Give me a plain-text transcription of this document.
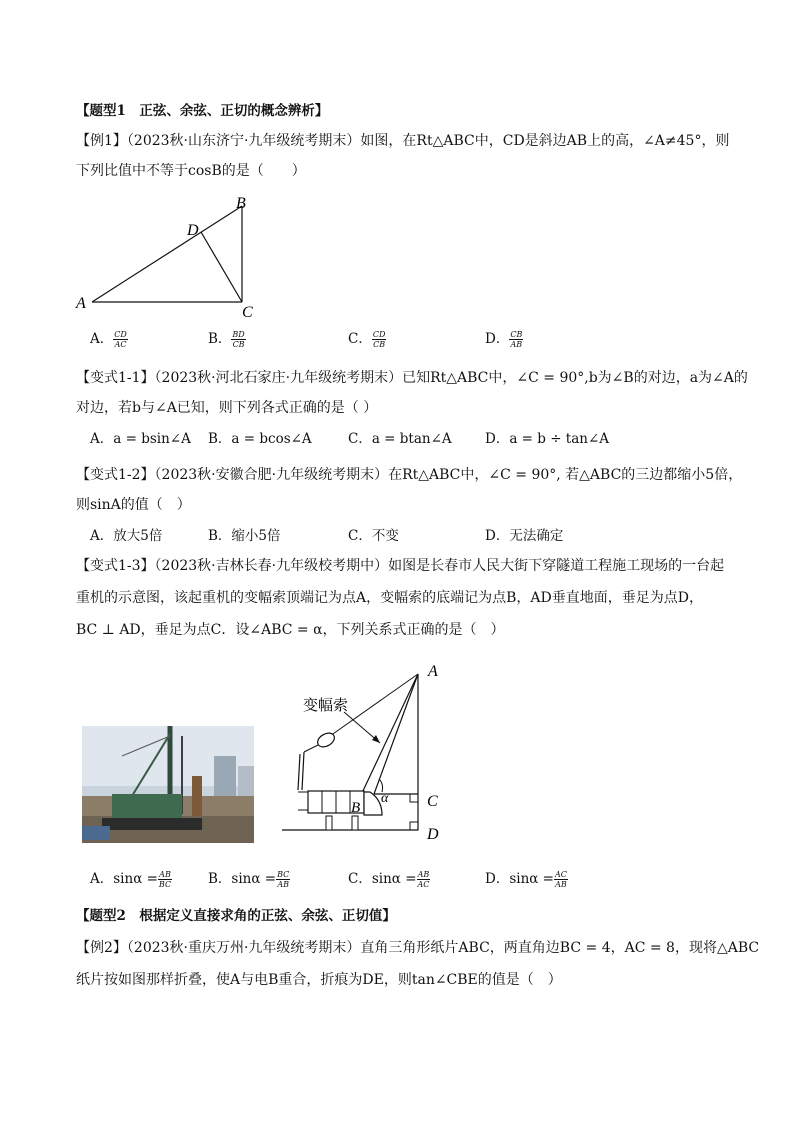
【题型1　正弦、余弦、正切的概念辨析】
【例1】（2023秋·山东济宁·九年级统考期末）如图，在Rt△ABC中，CD是斜边AB上的高，∠A≠45°，则
下列比值中不等于cosB的是（　　）
A
B
C
D
A． $\frac{CD}{AC}$	B． $\frac{BD}{CB}$	C． $\frac{CD}{CB}$	D． $\frac{CB}{AB}$
【变式1-1】（2023秋·河北石家庄·九年级统考期末）已知Rt△ABC中，∠C = 90°,b为∠B的对边，a为∠A的
对边，若b与∠A已知，则下列各式正确的是（ ）
A．a = bsin∠A B．a = bcos∠A	C．a = btan∠A D．a = b ÷ tan∠A
【变式1-2】（2023秋·安徽合肥·九年级统考期末）在Rt△ABC中，∠C = 90°, 若△ABC的三边都缩小5倍，
则sinA的值（　）
A．放大5倍	B．缩小5倍	C．不变	D．无法确定
【变式1-3】（2023秋·吉林长春·九年级校考期中）如图是长春市人民大街下穿隧道工程施工现场的一台起
重机的示意图，该起重机的变幅索顶端记为点A，变幅索的底端记为点B，AD垂直地面，垂足为点D，
BC ⊥ AD，垂足为点C．设∠ABC = α，下列关系式正确的是（　）
A
变幅索
B
α C
D
A．$\sin\alpha = \frac{AB}{BC}$	B．$\sin\alpha = \frac{BC}{AB}$	C．$\sin\alpha = \frac{AB}{AC}$	D．$\sin\alpha = \frac{AC}{AB}$
【题型2　根据定义直接求角的正弦、余弦、正切值】
【例2】（2023秋·重庆万州·九年级统考期末）直角三角形纸片ABC，两直角边BC = 4，AC = 8，现将△ABC
纸片按如图那样折叠，使A与电B重合，折痕为DE，则tan∠CBE的值是（　）
